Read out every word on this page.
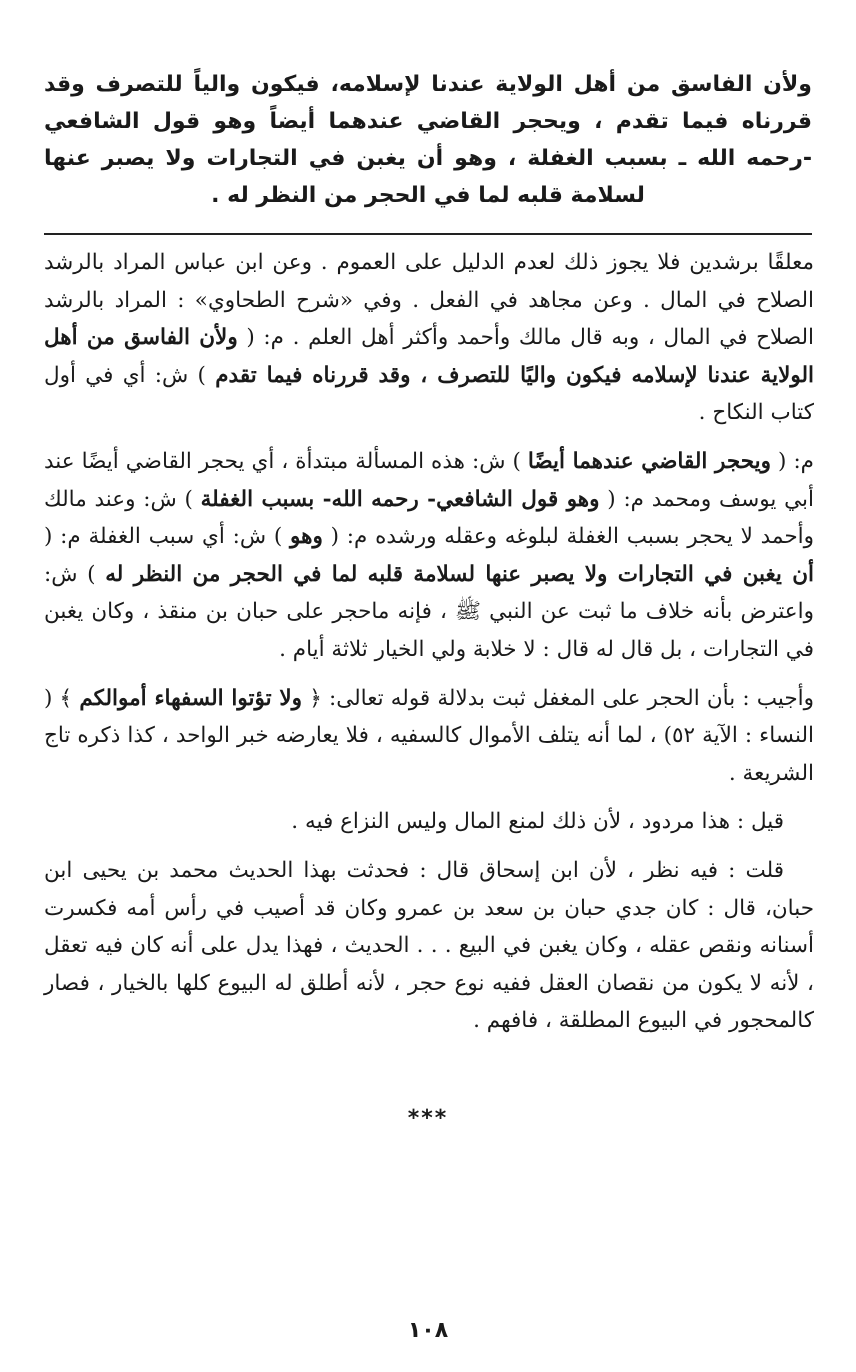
ولأن الفاسق من أهل الولاية عندنا لإسلامه، فيكون والياً للتصرف وقد قررناه فيما تقدم ، ويحجر القاضي عندهما أيضاً وهو قول الشافعي -رحمه الله ـ بسبب الغفلة ، وهو أن يغبن في التجارات ولا يصبر عنها لسلامة قلبه لما في الحجر من النظر له .

معلقًا برشدين فلا يجوز ذلك لعدم الدليل على العموم . وعن ابن عباس المراد بالرشد الصلاح في المال . وعن مجاهد في الفعل . وفي «شرح الطحاوي» : المراد بالرشد الصلاح في المال ، وبه قال مالك وأحمد وأكثر أهل العلم . م: ( ولأن الفاسق من أهل الولاية عندنا لإسلامه فيكون واليًا للتصرف ، وقد قررناه فيما تقدم ) ش: أي في أول كتاب النكاح .

م: ( ويحجر القاضي عندهما أيضًا ) ش: هذه المسألة مبتدأة ، أي يحجر القاضي أيضًا عند أبي يوسف ومحمد م: ( وهو قول الشافعي- رحمه الله- بسبب الغفلة ) ش: وعند مالك وأحمد لا يحجر بسبب الغفلة لبلوغه وعقله ورشده م: ( وهو ) ش: أي سبب الغفلة م: ( أن يغبن في التجارات ولا يصبر عنها لسلامة قلبه لما في الحجر من النظر له ) ش: واعترض بأنه خلاف ما ثبت عن النبي ﷺ ، فإنه ماحجر على حبان بن منقذ ، وكان يغبن في التجارات ، بل قال له قال : لا خلابة ولي الخيار ثلاثة أيام .

وأجيب : بأن الحجر على المغفل ثبت بدلالة قوله تعالى: ﴿ ولا تؤتوا السفهاء أموالكم ﴾ ( النساء : الآية ٥٢) ، لما أنه يتلف الأموال كالسفيه ، فلا يعارضه خبر الواحد ، كذا ذكره تاج الشريعة .

قيل : هذا مردود ، لأن ذلك لمنع المال وليس النزاع فيه .

قلت : فيه نظر ، لأن ابن إسحاق قال : فحدثت بهذا الحديث محمد بن يحيى ابن حبان، قال : كان جدي حبان بن سعد بن عمرو وكان قد أصيب في رأس أمه فكسرت أسنانه ونقص عقله ، وكان يغبن في البيع . . . الحديث ، فهذا يدل على أنه كان فيه تعقل ، لأنه لا يكون من نقصان العقل ففيه نوع حجر ، لأنه أطلق له البيوع كلها بالخيار ، فصار كالمحجور في البيوع المطلقة ، فافهم .

***
١٠٨
